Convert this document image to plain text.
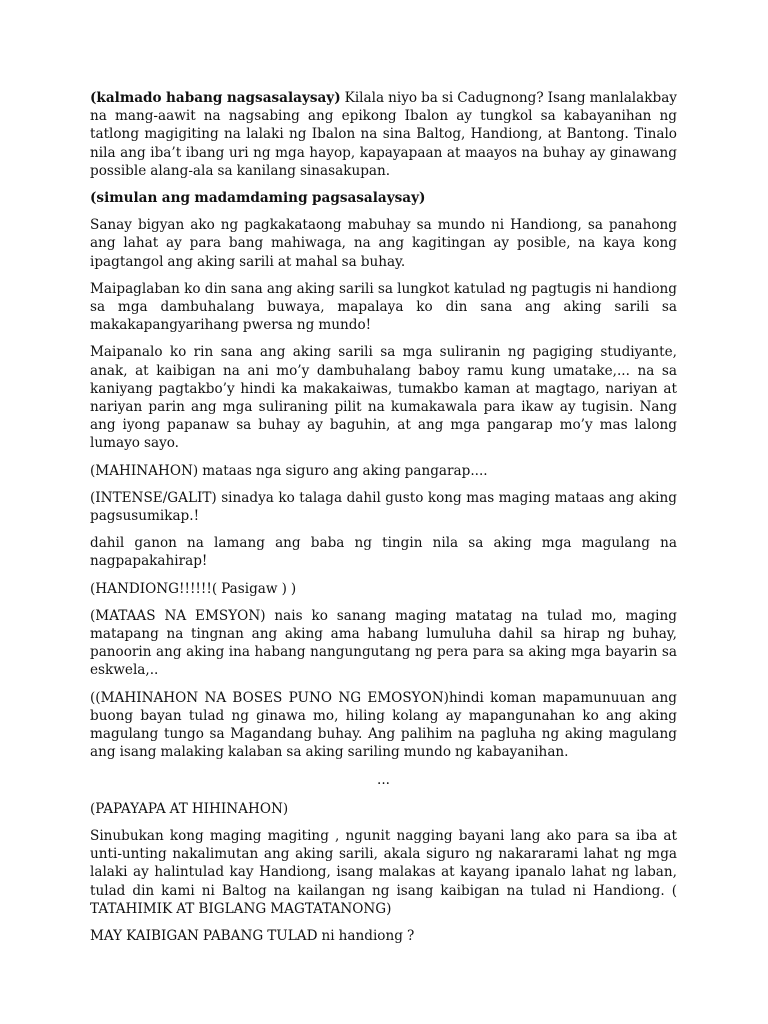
(kalmado habang nagsasalaysay) Kilala niyo ba si Cadugnong? Isang manlalakbay na mang-aawit na nagsabing ang epikong Ibalon ay tungkol sa kabayanihan ng tatlong magigiting na lalaki ng Ibalon na sina Baltog, Handiong, at Bantong. Tinalo nila ang iba’t ibang uri ng mga hayop, kapayapaan at maayos na buhay ay ginawang possible alang-ala sa kanilang sinasakupan.

(simulan ang madamdaming pagsasalaysay)

Sanay bigyan ako ng pagkakataong mabuhay sa mundo ni Handiong, sa panahong ang lahat ay para bang mahiwaga, na ang kagitingan ay posible, na kaya kong ipagtangol ang aking sarili at mahal sa buhay.

Maipaglaban ko din sana ang aking sarili sa lungkot katulad ng pagtugis ni handiong sa mga dambuhalang buwaya, mapalaya ko din sana ang aking sarili sa makakapangyarihang pwersa ng mundo!

Maipanalo ko rin sana ang aking sarili sa mga suliranin ng pagiging studiyante, anak, at kaibigan na ani mo’y dambuhalang baboy ramu kung umatake,... na sa kaniyang pagtakbo’y hindi ka makakaiwas, tumakbo kaman at magtago, nariyan at nariyan parin ang mga suliraning pilit na kumakawala para ikaw ay tugisin. Nang ang iyong papanaw sa buhay ay baguhin, at ang mga pangarap mo’y mas lalong lumayo sayo.

(MAHINAHON) mataas nga siguro ang aking pangarap....

(INTENSE/GALIT) sinadya ko talaga dahil gusto kong mas maging mataas ang aking pagsusumikap.!

dahil ganon na lamang ang baba ng tingin nila sa aking mga magulang na nagpapakahirap!

(HANDIONG!!!!!!( Pasigaw ) )

(MATAAS NA EMSYON) nais ko sanang maging matatag na tulad mo, maging matapang na tingnan ang aking ama habang lumuluha dahil sa hirap ng buhay, panoorin ang aking ina habang nangungutang ng pera para sa aking mga bayarin sa eskwela,..

((MAHINAHON NA BOSES PUNO NG EMOSYON)hindi koman mapamunuuan ang buong bayan tulad ng ginawa mo, hiling kolang ay mapangunahan ko ang aking magulang tungo sa Magandang buhay. Ang palihim na pagluha ng aking magulang ang isang malaking kalaban sa aking sariling mundo ng kabayanihan.

...

(PAPAYAPA AT HIHINAHON)

Sinubukan kong maging magiting , ngunit nagging bayani lang ako para sa iba at unti-unting nakalimutan ang aking sarili, akala siguro ng nakararami lahat ng mga lalaki ay halintulad kay Handiong, isang malakas at kayang ipanalo lahat ng laban, tulad din kami ni Baltog na kailangan ng isang kaibigan na tulad ni Handiong. ( TATAHIMIK AT BIGLANG MAGTATANONG)

MAY KAIBIGAN PABANG TULAD ni handiong ?
